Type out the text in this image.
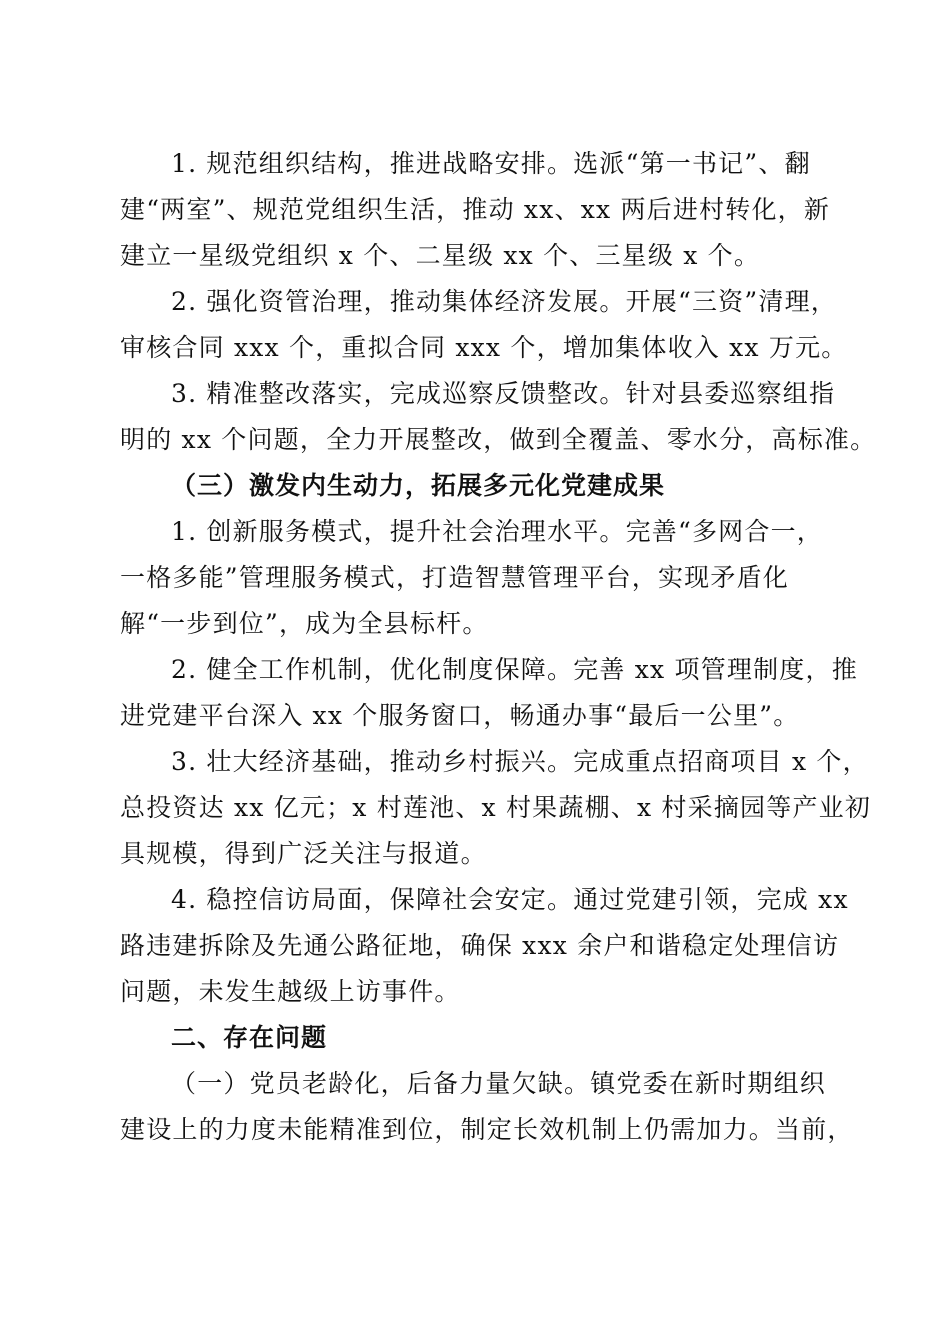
1. 规范组织结构，推进战略安排。选派“第一书记”、翻
建“两室”、规范党组织生活，推动 xx、xx 两后进村转化，新
建立一星级党组织 x 个、二星级 xx 个、三星级 x 个。
2. 强化资管治理，推动集体经济发展。开展“三资”清理，
审核合同 xxx 个，重拟合同 xxx 个，增加集体收入 xx 万元。
3. 精准整改落实，完成巡察反馈整改。针对县委巡察组指
明的 xx 个问题，全力开展整改，做到全覆盖、零水分，高标准。
（三）激发内生动力，拓展多元化党建成果
1. 创新服务模式，提升社会治理水平。完善“多网合一，
一格多能”管理服务模式，打造智慧管理平台，实现矛盾化
解“一步到位”，成为全县标杆。
2. 健全工作机制，优化制度保障。完善 xx 项管理制度，推
进党建平台深入 xx 个服务窗口，畅通办事“最后一公里”。
3. 壮大经济基础，推动乡村振兴。完成重点招商项目 x 个，
总投资达 xx 亿元；x 村莲池、x 村果蔬棚、x 村采摘园等产业初
具规模，得到广泛关注与报道。
4. 稳控信访局面，保障社会安定。通过党建引领，完成 xx
路违建拆除及先通公路征地，确保 xxx 余户和谐稳定处理信访
问题，未发生越级上访事件。
二、存在问题
（一）党员老龄化，后备力量欠缺。镇党委在新时期组织
建设上的力度未能精准到位，制定长效机制上仍需加力。当前，
